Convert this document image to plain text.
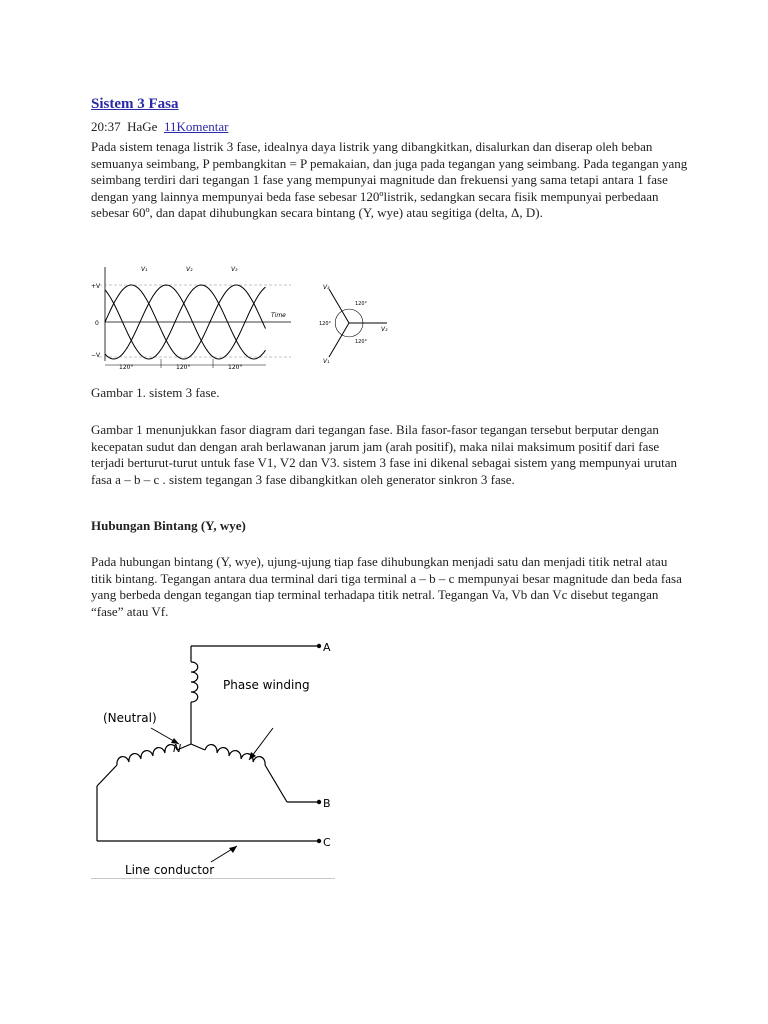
Sistem 3 Fasa
20:37 HaGe 11Komentar

Pada sistem tenaga listrik 3 fase, idealnya daya listrik yang dibangkitkan, disalurkan dan diserap oleh beban semuanya seimbang, P pembangkitan = P pemakaian, dan juga pada tegangan yang seimbang. Pada tegangan yang seimbang terdiri dari tegangan 1 fase yang mempunyai magnitude dan frekuensi yang sama tetapi antara 1 fase dengan yang lainnya mempunyai beda fase sebesar 120ºlistrik, sedangkan secara fisik mempunyai perbedaan sebesar 60º, dan dapat dihubungkan secara bintang (Y, wye) atau segitiga (delta, Δ, D).

+V
0
−V
Time
V₁	V₂	V₃
120°	120°	120°
V₃
V₂
V₁
120°
120°
120°
Gambar 1. sistem 3 fase.

Gambar 1 menunjukkan fasor diagram dari tegangan fase. Bila fasor-fasor tegangan tersebut berputar dengan kecepatan sudut dan dengan arah berlawanan jarum jam (arah positif), maka nilai maksimum positif dari fase terjadi berturut-turut untuk fase V1, V2 dan V3. sistem 3 fase ini dikenal sebagai sistem yang mempunyai urutan fasa a – b – c . sistem tegangan 3 fase dibangkitkan oleh generator sinkron 3 fase.

Hubungan Bintang (Y, wye)

Pada hubungan bintang (Y, wye), ujung-ujung tiap fase dihubungkan menjadi satu dan menjadi titik netral atau titik bintang. Tegangan antara dua terminal dari tiga terminal a – b – c mempunyai besar magnitude dan beda fasa yang berbeda dengan tegangan tiap terminal terhadapa titik netral. Tegangan Va, Vb dan Vc disebut tegangan “fase” atau Vf.

A
C
B
Phase winding
(Neutral)
N
Line conductor
